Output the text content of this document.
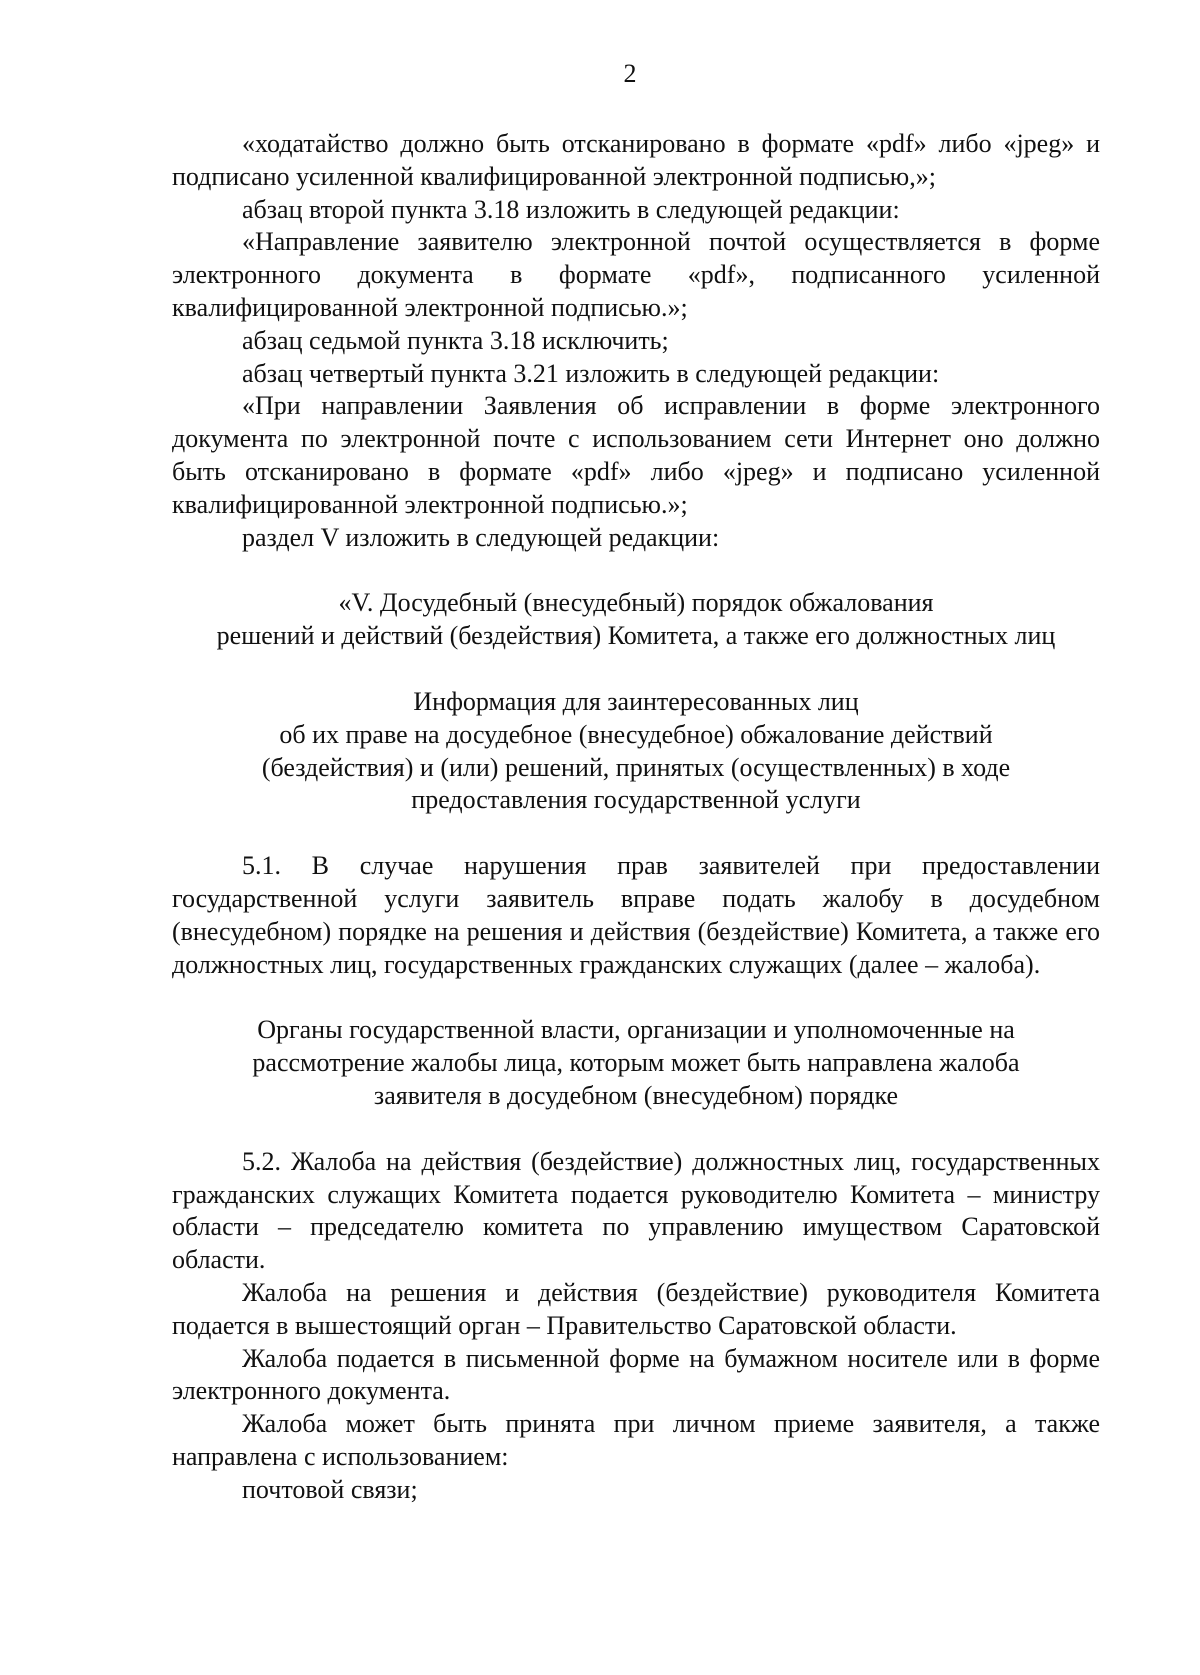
2

«ходатайство должно быть отсканировано в формате «pdf» либо «jpeg» и подписано усиленной квалифицированной электронной подписью,»;

абзац второй пункта 3.18 изложить в следующей редакции:

«Направление заявителю электронной почтой осуществляется в форме электронного документа в формате «pdf», подписанного усиленной квалифицированной электронной подписью.»;

абзац седьмой пункта 3.18 исключить;

абзац четвертый пункта 3.21 изложить в следующей редакции:

«При направлении Заявления об исправлении в форме электронного документа по электронной почте с использованием сети Интернет оно должно быть отсканировано в формате «pdf» либо «jpeg» и подписано усиленной квалифицированной электронной подписью.»;

раздел V изложить в следующей редакции:

«V. Досудебный (внесудебный) порядок обжалования

решений и действий (бездействия) Комитета, а также его должностных лиц

Информация для заинтересованных лиц

об их праве на досудебное (внесудебное) обжалование действий

(бездействия) и (или) решений, принятых (осуществленных) в ходе

предоставления государственной услуги

5.1. В случае нарушения прав заявителей при предоставлении государственной услуги заявитель вправе подать жалобу в досудебном (внесудебном) порядке на решения и действия (бездействие) Комитета, а также его должностных лиц, государственных гражданских служащих (далее – жалоба).

Органы государственной власти, организации и уполномоченные на

рассмотрение жалобы лица, которым может быть направлена жалоба

заявителя в досудебном (внесудебном) порядке

5.2. Жалоба на действия (бездействие) должностных лиц, государственных гражданских служащих Комитета подается руководителю Комитета – министру области – председателю комитета по управлению имуществом Саратовской области.

Жалоба на решения и действия (бездействие) руководителя Комитета подается в вышестоящий орган – Правительство Саратовской области.

Жалоба подается в письменной форме на бумажном носителе или в форме электронного документа.

Жалоба может быть принята при личном приеме заявителя, а также направлена с использованием:

почтовой связи;
